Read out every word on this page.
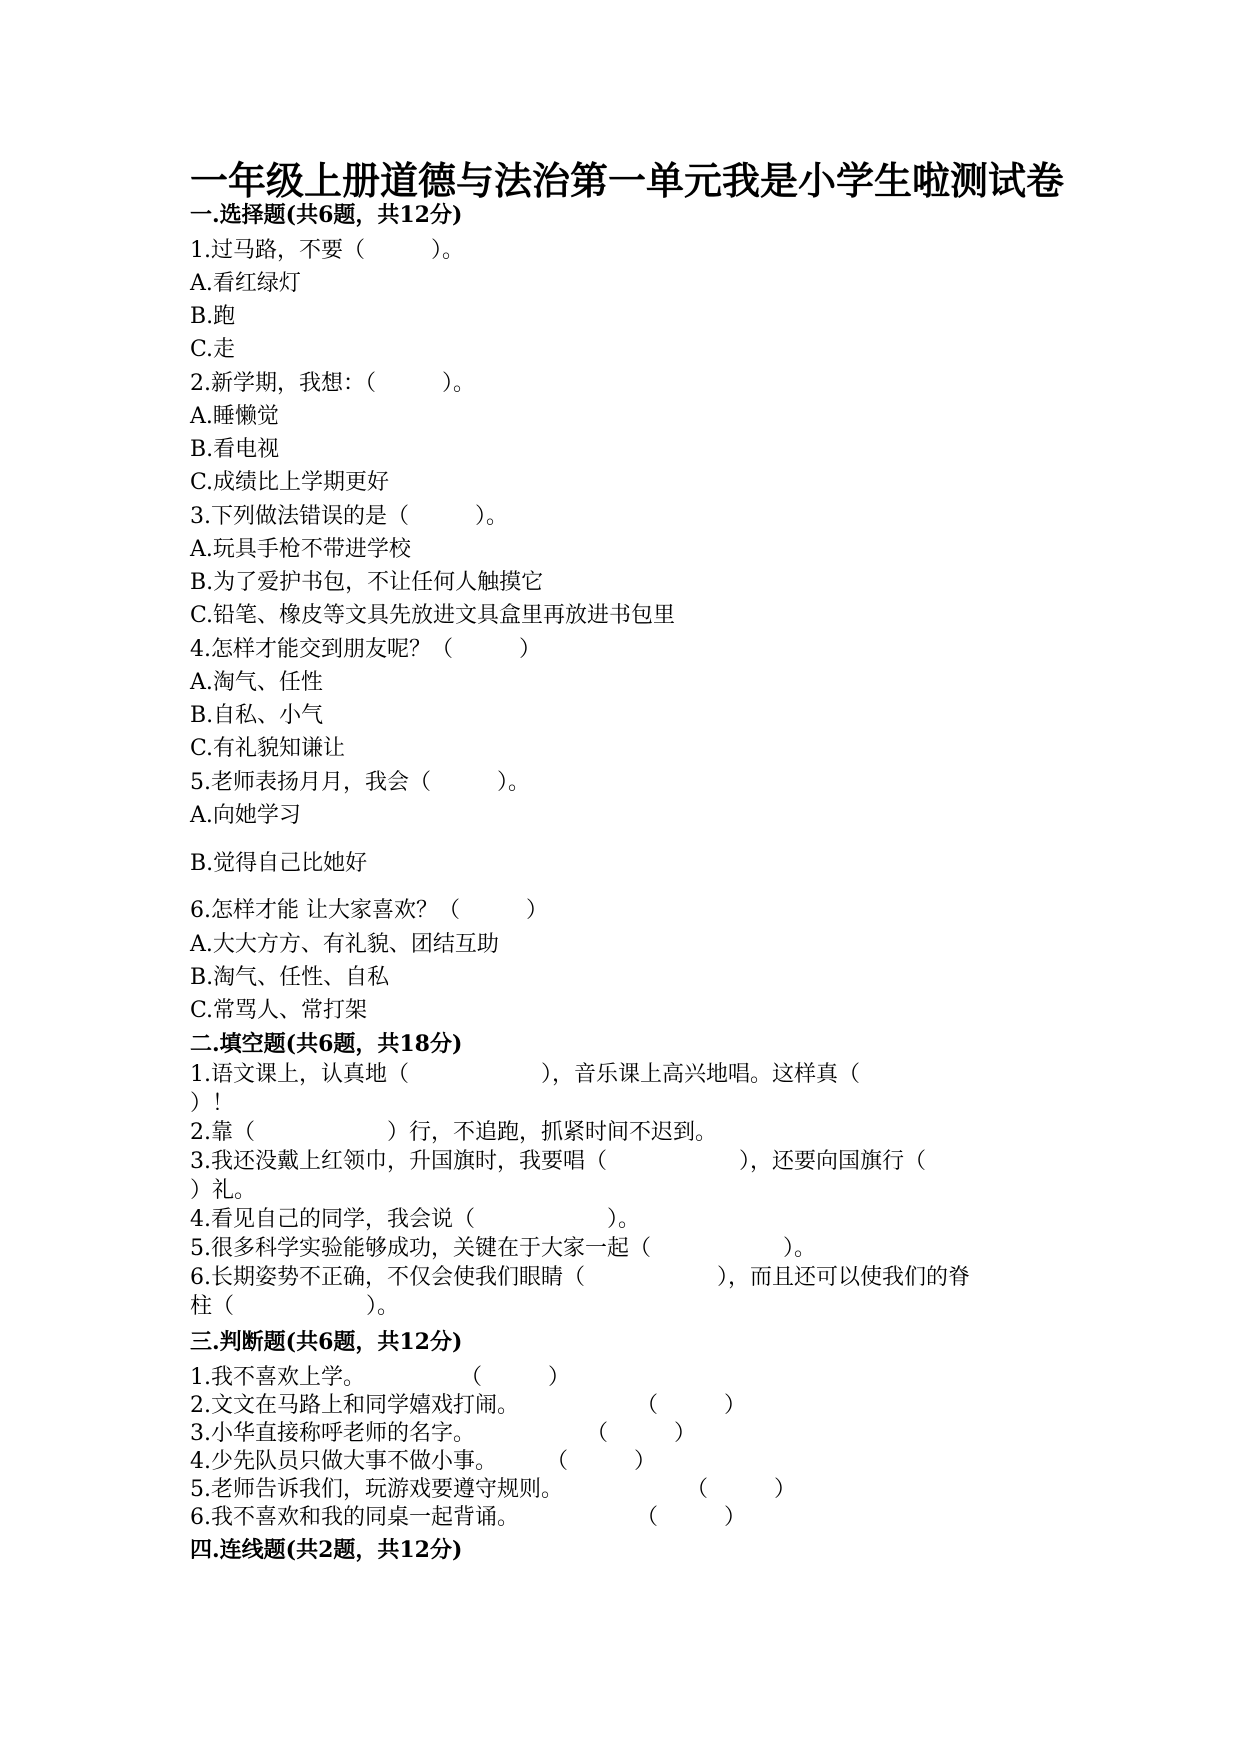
一年级上册道德与法治第一单元我是小学生啦测试卷
一.选择题(共6题，共12分)
1.过马路，不要（　　　）。
A.看红绿灯
B.跑
C.走
2.新学期，我想：（　　　）。
A.睡懒觉
B.看电视
C.成绩比上学期更好
3.下列做法错误的是（　　　）。
A.玩具手枪不带进学校
B.为了爱护书包，不让任何人触摸它
C.铅笔、橡皮等文具先放进文具盒里再放进书包里
4.怎样才能交到朋友呢？（　　　）
A.淘气、任性
B.自私、小气
C.有礼貌知谦让
5.老师表扬月月，我会（　　　）。
A.向她学习
B.觉得自己比她好
6.怎样才能 让大家喜欢？（　　　）
A.大大方方、有礼貌、团结互助
B.淘气、任性、自私
C.常骂人、常打架
二.填空题(共6题，共18分)
1.语文课上，认真地（　　　　　　），音乐课上高兴地唱。这样真（
）！
2.靠（　　　　　　）行，不追跑，抓紧时间不迟到。
3.我还没戴上红领巾，升国旗时，我要唱（　　　　　　），还要向国旗行（
）礼。
4.看见自己的同学，我会说（　　　　　　）。
5.很多科学实验能够成功，关键在于大家一起（　　　　　　）。
6.长期姿势不正确，不仅会使我们眼睛（　　　　　　），而且还可以使我们的脊
柱（　　　　　　）。
三.判断题(共6题，共12分)
1.我不喜欢上学。	（　　　）
2.文文在马路上和同学嬉戏打闹。	（　　　）
3.小华直接称呼老师的名字。	（　　　）
4.少先队员只做大事不做小事。 （　　　）
5.老师告诉我们，玩游戏要遵守规则。	（　　　）
6.我不喜欢和我的同桌一起背诵。	（　　　）
四.连线题(共2题，共12分)
